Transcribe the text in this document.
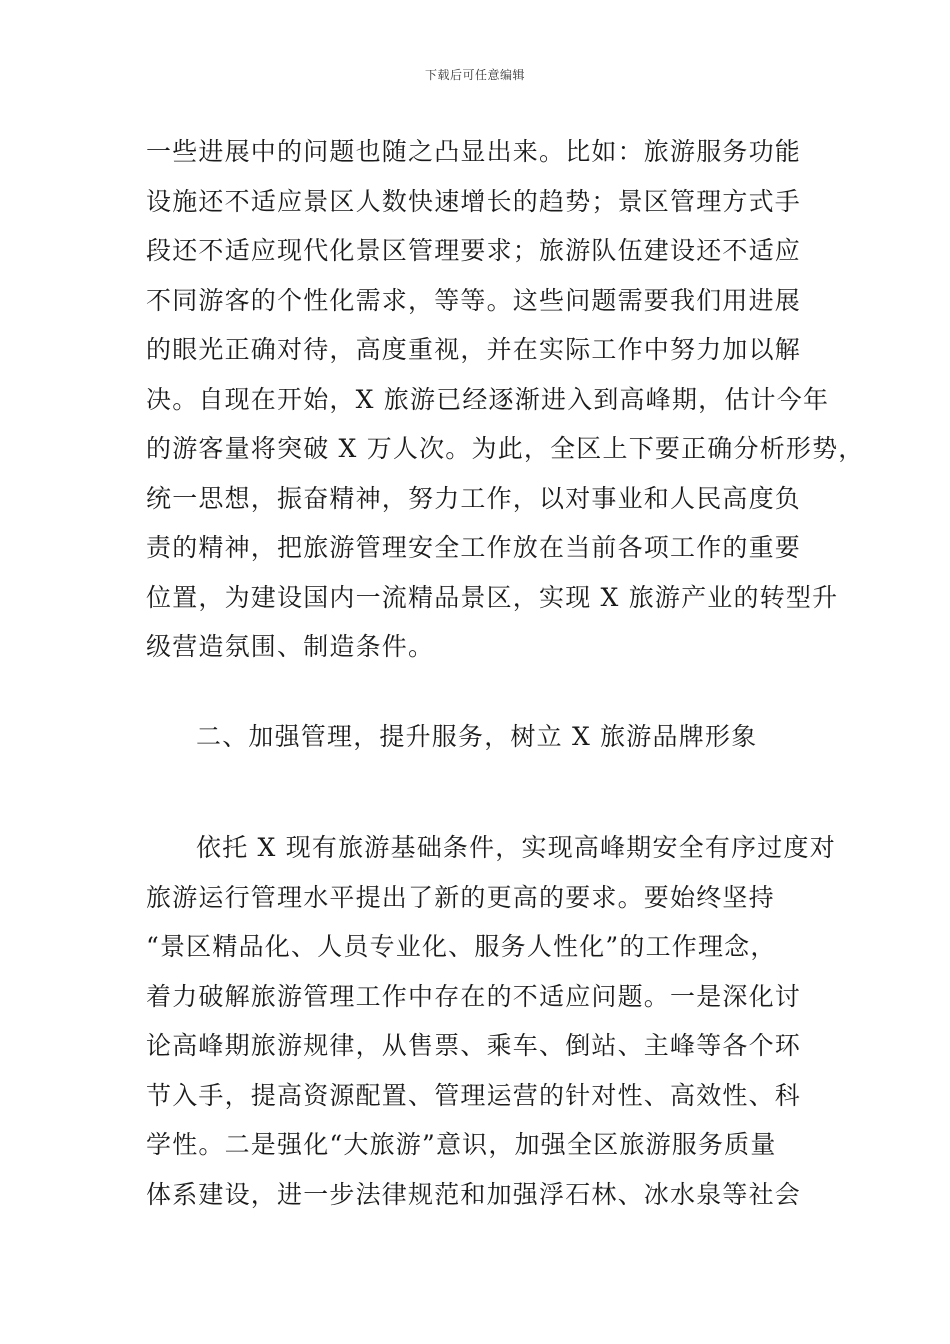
下载后可任意编辑
一些进展中的问题也随之凸显出来。比如：旅游服务功能
设施还不适应景区人数快速增长的趋势；景区管理方式手
段还不适应现代化景区管理要求；旅游队伍建设还不适应
不同游客的个性化需求，等等。这些问题需要我们用进展
的眼光正确对待，高度重视，并在实际工作中努力加以解
决。自现在开始，X 旅游已经逐渐进入到高峰期，估计今年
的游客量将突破 X 万人次。为此，全区上下要正确分析形势，
统一思想，振奋精神，努力工作，以对事业和人民高度负
责的精神，把旅游管理安全工作放在当前各项工作的重要
位置，为建设国内一流精品景区，实现 X 旅游产业的转型升
级营造氛围、制造条件。
二、加强管理，提升服务，树立 X 旅游品牌形象
依托 X 现有旅游基础条件，实现高峰期安全有序过度对
旅游运行管理水平提出了新的更高的要求。要始终坚持
“景区精品化、人员专业化、服务人性化”的工作理念，
着力破解旅游管理工作中存在的不适应问题。一是深化讨
论高峰期旅游规律，从售票、乘车、倒站、主峰等各个环
节入手，提高资源配置、管理运营的针对性、高效性、科
学性。二是强化“大旅游”意识，加强全区旅游服务质量
体系建设，进一步法律规范和加强浮石林、冰水泉等社会
